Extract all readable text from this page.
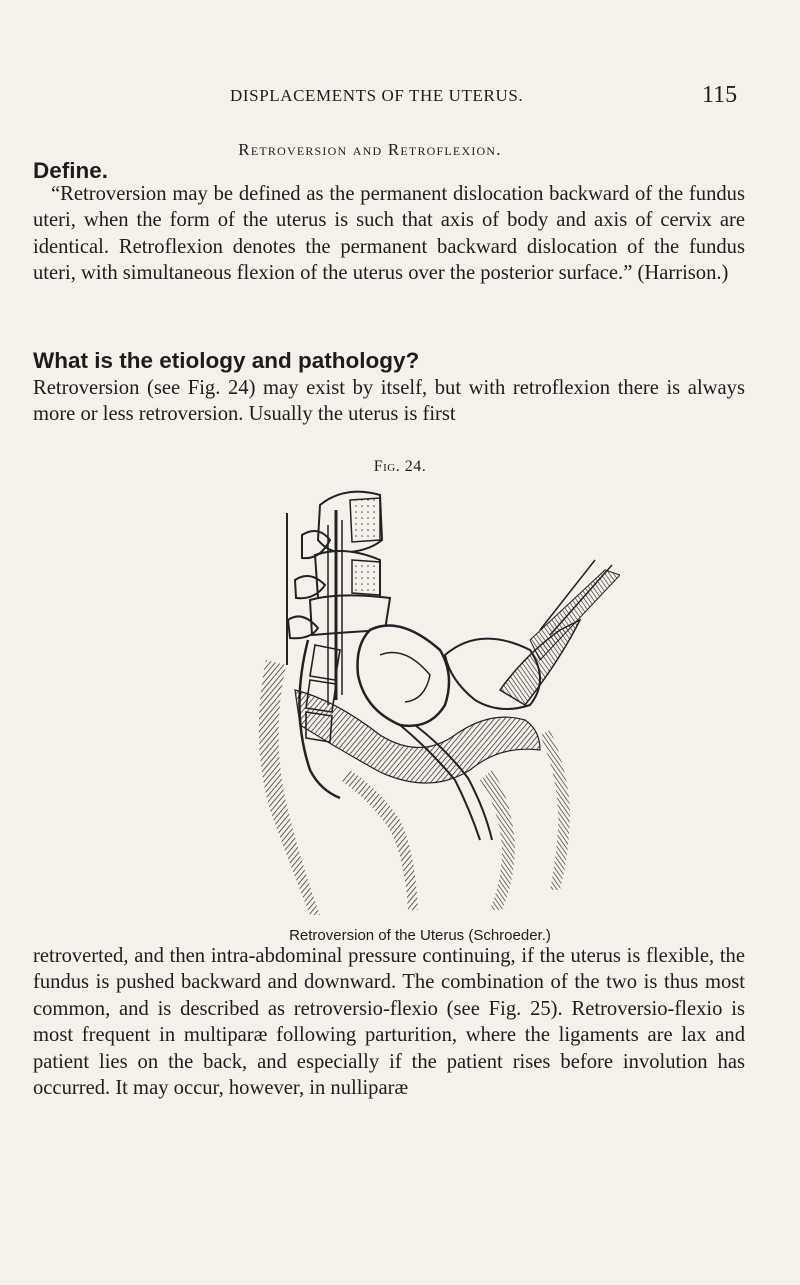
DISPLACEMENTS OF THE UTERUS.	115
Retroversion and Retroflexion.
Define.
“Retroversion may be defined as the permanent dislocation backward of the fundus uteri, when the form of the uterus is such that axis of body and axis of cervix are identical. Retroflexion denotes the permanent backward dislocation of the fundus uteri, with simultaneous flexion of the uterus over the posterior surface.” (Harrison.)
What is the etiology and pathology?
Retroversion (see Fig. 24) may exist by itself, but with retroflexion there is always more or less retroversion. Usually the uterus is first
Fig. 24.
Retroversion of the Uterus (Schroeder.)
retroverted, and then intra-abdominal pressure continuing, if the uterus is flexible, the fundus is pushed backward and downward. The combination of the two is thus most common, and is described as retroversio-flexio (see Fig. 25). Retroversio-flexio is most frequent in multiparæ following parturition, where the ligaments are lax and patient lies on the back, and especially if the patient rises before involution has occurred. It may occur, however, in nulliparæ
